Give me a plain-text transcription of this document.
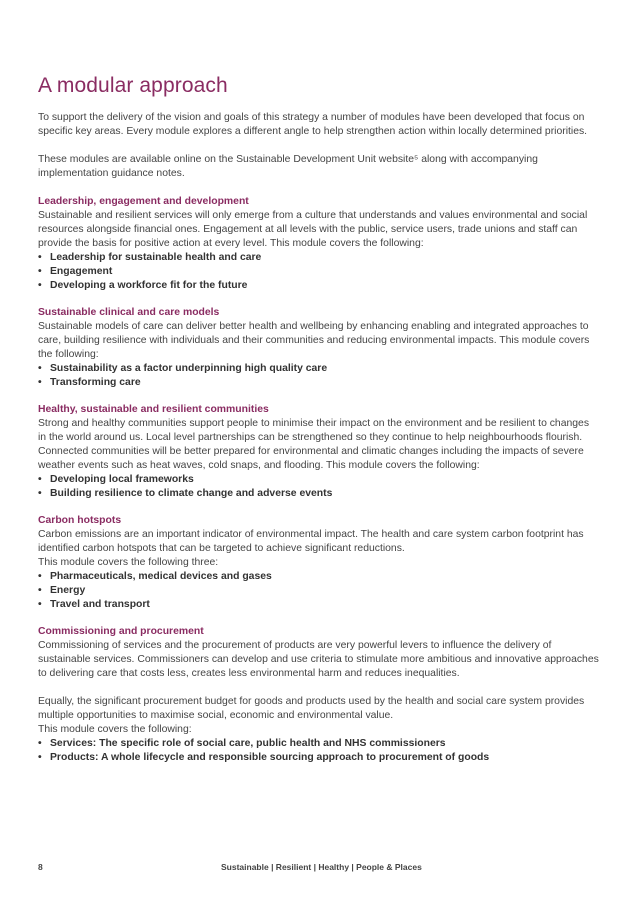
A modular approach
To support the delivery of the vision and goals of this strategy a number of modules have been developed that focus on
specific key areas. Every module explores a different angle to help strengthen action within locally determined priorities.
These modules are available online on the Sustainable Development Unit website⁵ along with accompanying
implementation guidance notes.
Leadership, engagement and development
Sustainable and resilient services will only emerge from a culture that understands and values environmental and social
resources alongside financial ones. Engagement at all levels with the public, service users, trade unions and staff can
provide the basis for positive action at every level. This module covers the following:
• Leadership for sustainable health and care
• Engagement
• Developing a workforce fit for the future
Sustainable clinical and care models
Sustainable models of care can deliver better health and wellbeing by enhancing enabling and integrated approaches to
care, building resilience with individuals and their communities and reducing environmental impacts. This module covers
the following:
• Sustainability as a factor underpinning high quality care
• Transforming care
Healthy, sustainable and resilient communities
Strong and healthy communities support people to minimise their impact on the environment and be resilient to changes
in the world around us. Local level partnerships can be strengthened so they continue to help neighbourhoods flourish.
Connected communities will be better prepared for environmental and climatic changes including the impacts of severe
weather events such as heat waves, cold snaps, and flooding. This module covers the following:
• Developing local frameworks
• Building resilience to climate change and adverse events
Carbon hotspots
Carbon emissions are an important indicator of environmental impact. The health and care system carbon footprint has
identified carbon hotspots that can be targeted to achieve significant reductions.
This module covers the following three:
• Pharmaceuticals, medical devices and gases
• Energy
• Travel and transport
Commissioning and procurement
Commissioning of services and the procurement of products are very powerful levers to influence the delivery of
sustainable services. Commissioners can develop and use criteria to stimulate more ambitious and innovative approaches
to delivering care that costs less, creates less environmental harm and reduces inequalities.
Equally, the significant procurement budget for goods and products used by the health and social care system provides
multiple opportunities to maximise social, economic and environmental value.
This module covers the following:
• Services: The specific role of social care, public health and NHS commissioners
• Products: A whole lifecycle and responsible sourcing approach to procurement of goods
8	Sustainable | Resilient | Healthy | People & Places
